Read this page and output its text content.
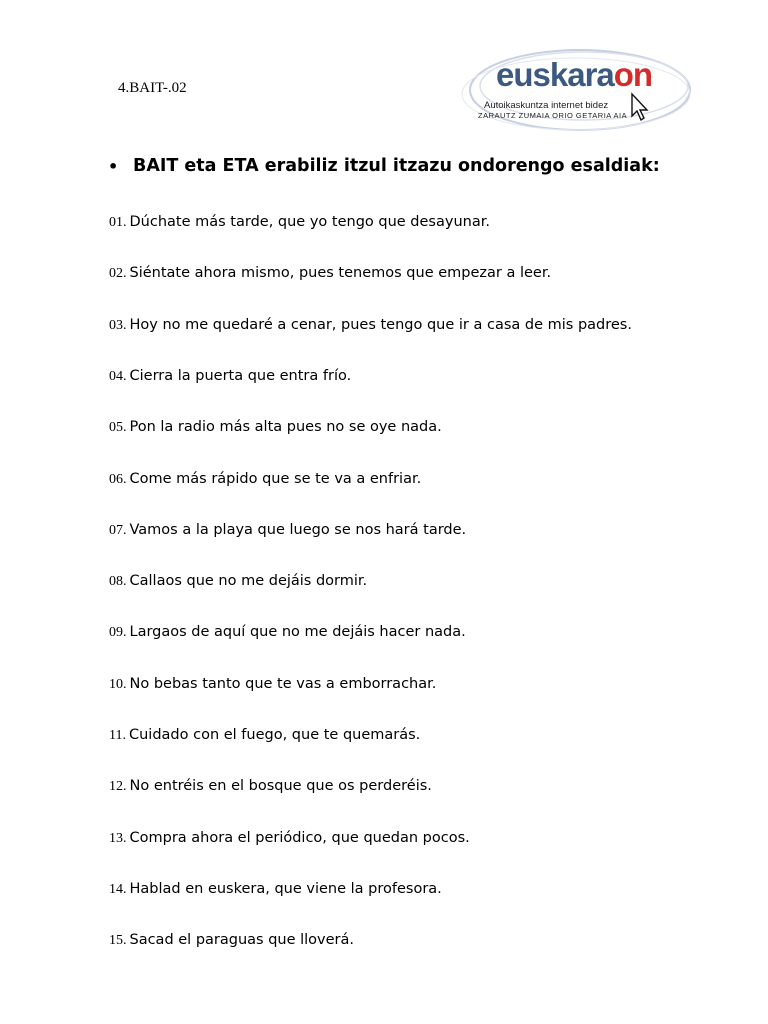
4.BAIT-.02	euskaraon
Autoikaskuntza internet bidez
ZARAUTZ ZUMAIA ORIO GETARIA AIA
• BAIT eta ETA erabiliz itzul itzazu ondorengo esaldiak:
01. Dúchate más tarde, que yo tengo que desayunar.
02. Siéntate ahora mismo, pues tenemos que empezar a leer.
03. Hoy no me quedaré a cenar, pues tengo que ir a casa de mis padres.
04. Cierra la puerta que entra frío.
05. Pon la radio más alta pues no se oye nada.
06. Come más rápido que se te va a enfriar.
07. Vamos a la playa que luego se nos hará tarde.
08. Callaos que no me dejáis dormir.
09. Largaos de aquí que no me dejáis hacer nada.
10. No bebas tanto que te vas a emborrachar.
11. Cuidado con el fuego, que te quemarás.
12. No entréis en el bosque que os perderéis.
13. Compra ahora el periódico, que quedan pocos.
14. Hablad en euskera, que viene la profesora.
15. Sacad el paraguas que lloverá.
